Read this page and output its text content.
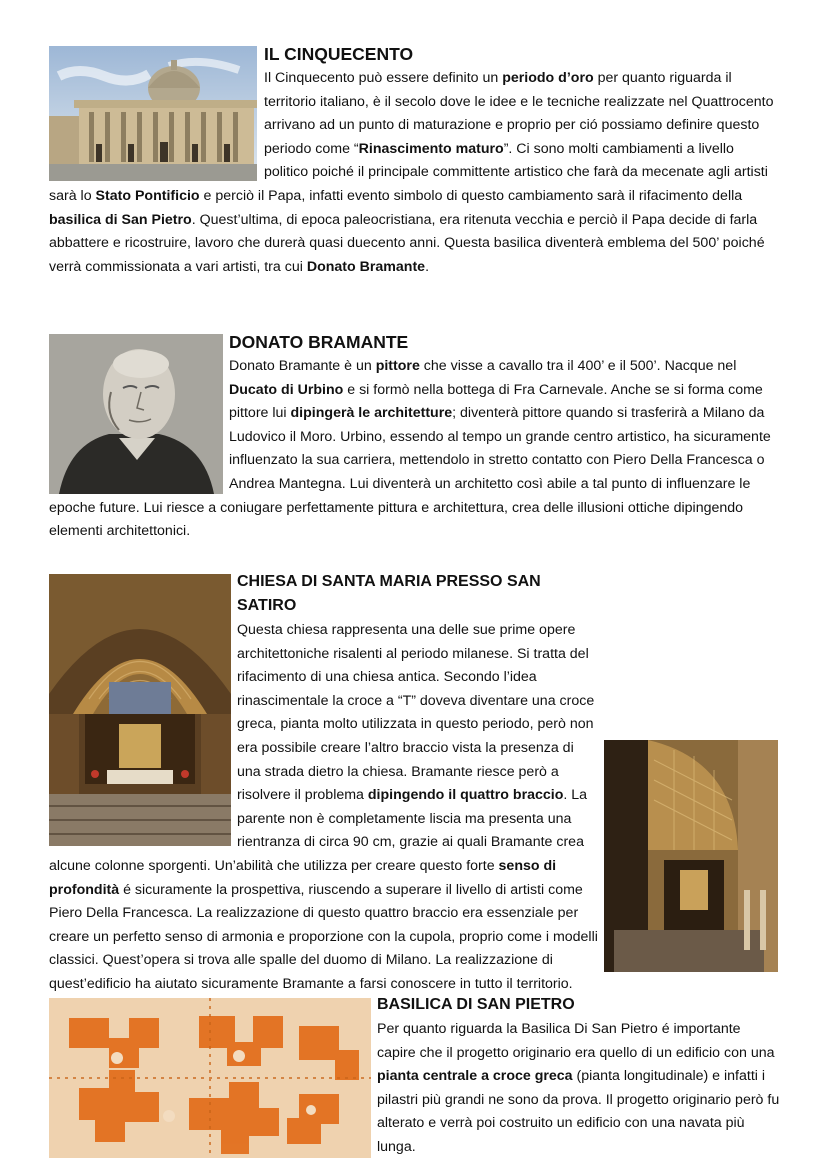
IL CINQUECENTO

Il Cinquecento può essere definito un periodo d’oro per quanto riguarda il territorio italiano, è il secolo dove le idee e le tecniche realizzate nel Quattrocento arrivano ad un punto di maturazione e proprio per ció possiamo definire questo periodo come “Rinascimento maturo”. Ci sono molti cambiamenti a livello politico poiché il principale committente artistico che farà da mecenate agli artisti sarà lo Stato Pontificio e perciò il Papa, infatti evento simbolo di questo cambiamento sarà il rifacimento della basilica di San Pietro. Quest’ultima, di epoca paleocristiana, era ritenuta vecchia e perciò il Papa decide di farla abbattere e ricostruire, lavoro che durerà quasi duecento anni. Questa basilica diventerà emblema del 500’ poiché verrà commissionata a vari artisti, tra cui Donato Bramante.

DONATO BRAMANTE

Donato Bramante è un pittore che visse a cavallo tra il 400’ e il 500’. Nacque nel Ducato di Urbino e si formò nella bottega di Fra Carnevale. Anche se si forma come pittore lui dipingerà le architetture; diventerà pittore quando si trasferirà a Milano da Ludovico il Moro. Urbino, essendo al tempo un grande centro artistico, ha sicuramente influenzato la sua carriera, mettendolo in stretto contatto con Piero Della Francesca o Andrea Mantegna. Lui diventerà un architetto così abile a tal punto di influenzare le epoche future. Lui riesce a coniugare perfettamente pittura e architettura, crea delle illusioni ottiche dipingendo elementi architettonici.

CHIESA DI SANTA MARIA PRESSO SAN SATIRO

Questa chiesa rappresenta una delle sue prime opere architettoniche risalenti al periodo milanese. Si tratta del rifacimento di una chiesa antica. Secondo l’idea rinascimentale la croce a “T” doveva diventare una croce greca, pianta molto utilizzata in questo periodo, però non era possibile creare l’altro braccio vista la presenza di una strada dietro la chiesa. Bramante riesce però a risolvere il problema dipingendo il quattro braccio. La parente non è completamente liscia ma presenta una rientranza di circa 90 cm, grazie ai quali Bramante crea alcune colonne sporgenti. Un’abilità che utilizza per creare questo forte senso di profondità é sicuramente la prospettiva, riuscendo a superare il livello di artisti come Piero Della Francesca. La realizzazione di questo quattro braccio era essenziale per creare un perfetto senso di armonia e proporzione con la cupola, proprio come i modelli classici. Quest’opera si trova alle spalle del duomo di Milano. La realizzazione di quest’edificio ha aiutato sicuramente Bramante a farsi conoscere in tutto il territorio.

BASILICA DI SAN PIETRO

Per quanto riguarda la Basilica Di San Pietro é importante capire che il progetto originario era quello di un edificio con una pianta centrale a croce greca (pianta longitudinale) e infatti i pilastri più grandi ne sono da prova. Il progetto originario però fu alterato e verrà poi costruito un edificio con una navata più lunga.
